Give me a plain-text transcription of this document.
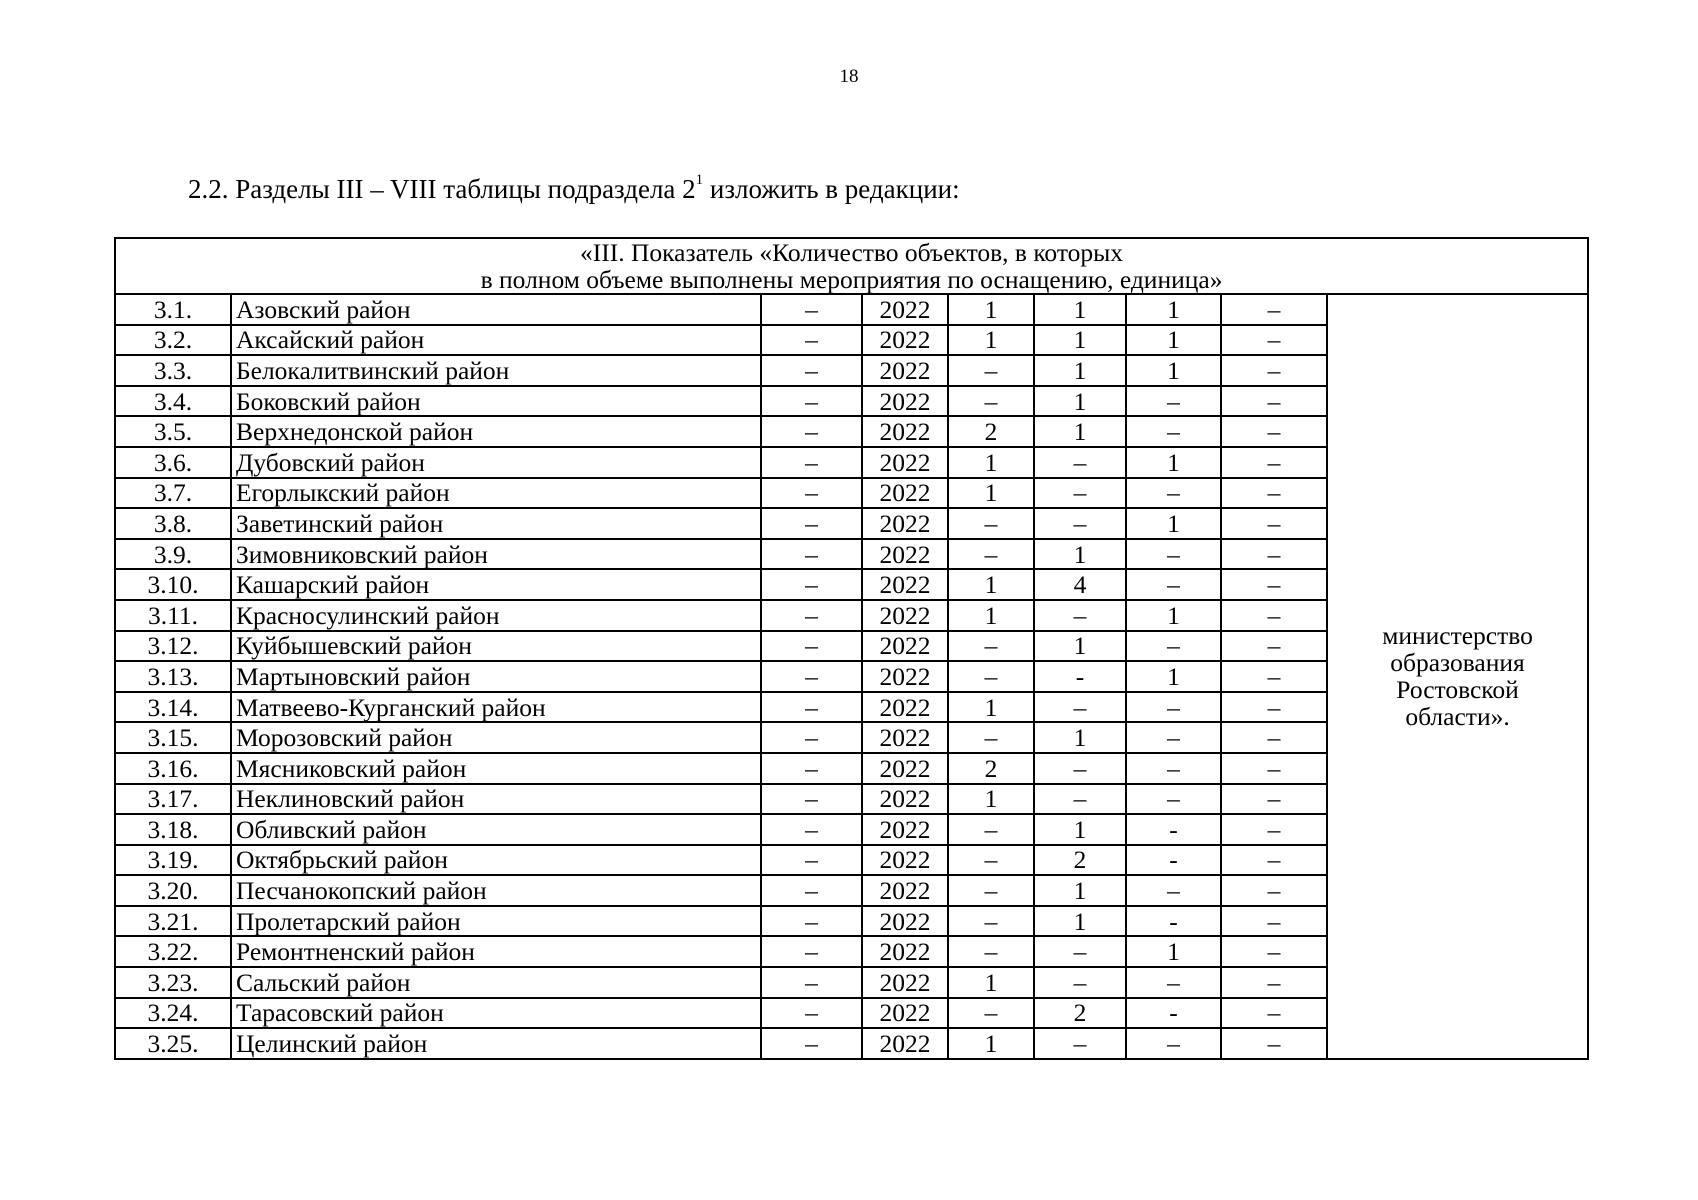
18
2.2. Разделы III – VIII таблицы подраздела $2^1$ изложить в редакции:
«III. Показатель «Количество объектов, в которых
в полном объеме выполнены мероприятия по оснащению, единица»								

3.1.	Азовский район	–	2022	1	1	1	–	министерство
образования
Ростовской
области».

3.2.	Аксайский район	–	2022	1	1	1	–	
3.3.	Белокалитвинский район	–	2022	–	1	1	–	
3.4.	Боковский район	–	2022	–	1	–	–	
3.5.	Верхнедонской район	–	2022	2	1	–	–	
3.6.	Дубовский район	–	2022	1	–	1	–	
3.7.	Егорлыкский район	–	2022	1	–	–	–	
3.8.	Заветинский район	–	2022	–	–	1	–	
3.9.	Зимовниковский район	–	2022	–	1	–	–	
3.10.	Кашарский район	–	2022	1	4	–	–	
3.11.	Красносулинский район	–	2022	1	–	1	–	
3.12.	Куйбышевский район	–	2022	–	1	–	–	
3.13.	Мартыновский район	–	2022	–	-	1	–	
3.14.	Матвеево-Курганский район	–	2022	1	–	–	–	
3.15.	Морозовский район	–	2022	–	1	–	–	
3.16.	Мясниковский район	–	2022	2	–	–	–	
3.17.	Неклиновский район	–	2022	1	–	–	–	
3.18.	Обливский район	–	2022	–	1	-	–	
3.19.	Октябрьский район	–	2022	–	2	-	–	
3.20.	Песчанокопский район	–	2022	–	1	–	–	
3.21.	Пролетарский район	–	2022	–	1	-	–	
3.22.	Ремонтненский район	–	2022	–	–	1	–	
3.23.	Сальский район	–	2022	1	–	–	–	
3.24.	Тарасовский район	–	2022	–	2	-	–	
3.25.	Целинский район	–	2022	1	–	–	–	
